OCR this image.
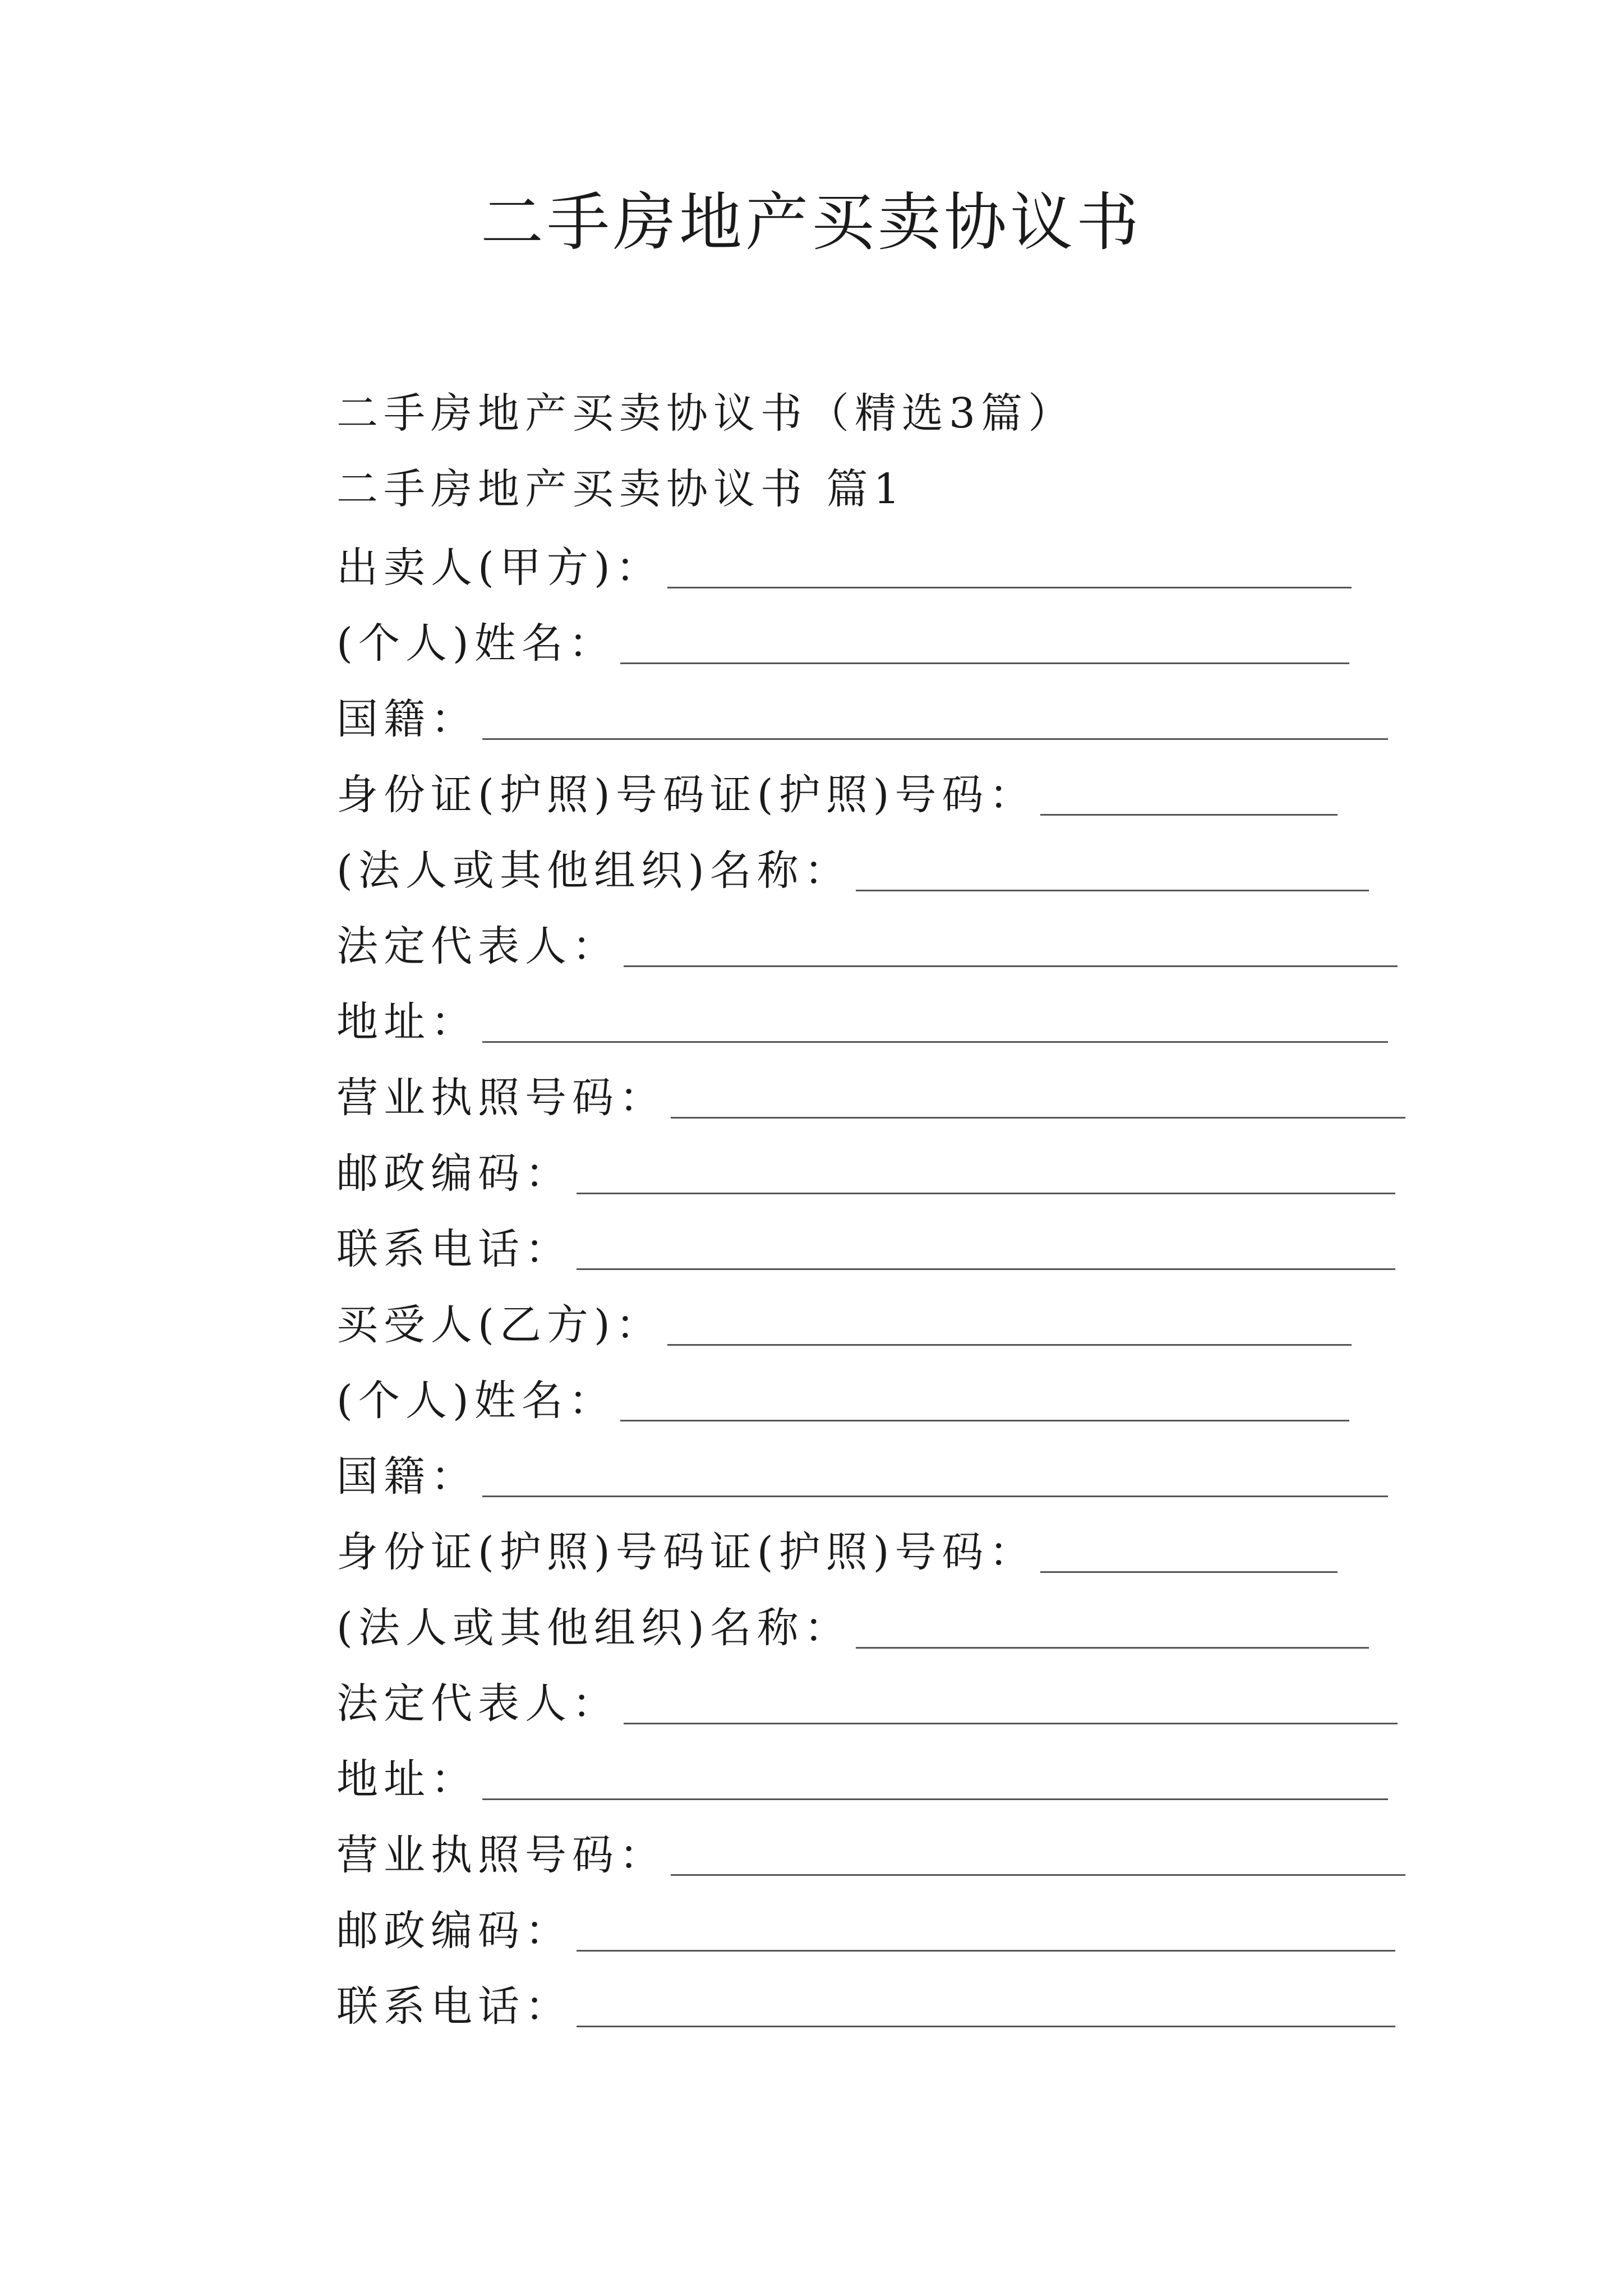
二手房地产买卖协议书
二手房地产买卖协议书（精选3篇）
二手房地产买卖协议书 篇1
出卖人(甲方)：
(个人)姓名：
国籍：
身份证(护照)号码证(护照)号码：
(法人或其他组织)名称：
法定代表人：
地址：
营业执照号码：
邮政编码：
联系电话：
买受人(乙方)：
(个人)姓名：
国籍：
身份证(护照)号码证(护照)号码：
(法人或其他组织)名称：
法定代表人：
地址：
营业执照号码：
邮政编码：
联系电话：
